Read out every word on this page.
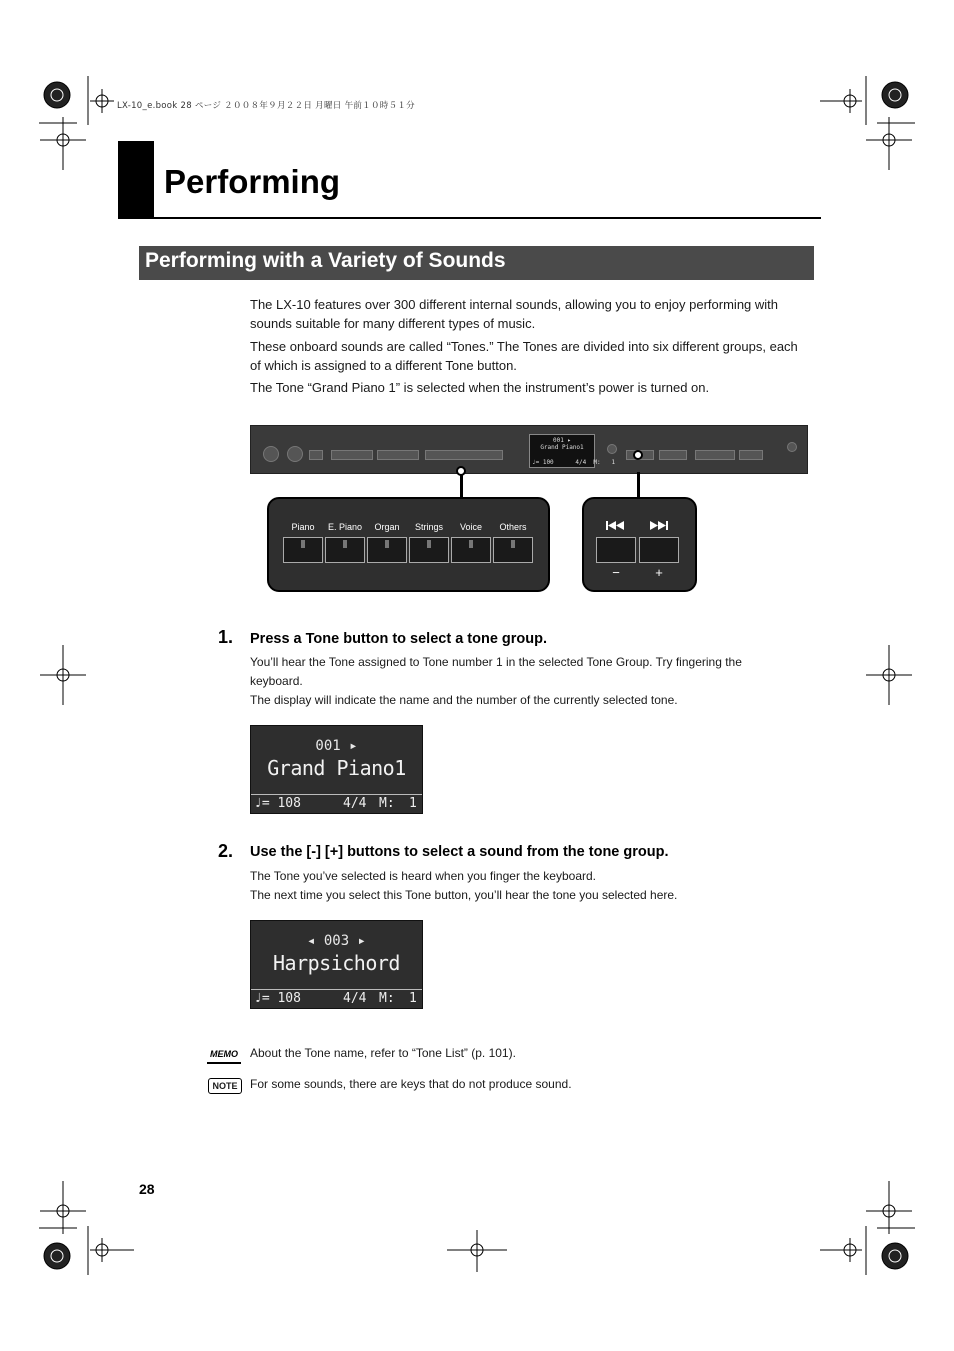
LX-10_e.book 28 ページ ２００８年９月２２日 月曜日 午前１０時５１分
Performing
Performing with a Variety of Sounds
The LX-10 features over 300 different internal sounds, allowing you to enjoy performing with sounds suitable for many different types of music.
These onboard sounds are called “Tones.” The Tones are divided into six different groups, each of which is assigned to a different Tone button.
The Tone “Grand Piano 1” is selected when the instrument’s power is turned on.
001 ▸
Grand Piano1
♩= 100      4/4  M:   1
Piano	E. Piano	Organ	Strings	Voice	Others
−	+
1. Press a Tone button to select a tone group.
You’ll hear the Tone assigned to Tone number 1 in the selected Tone Group. Try fingering the keyboard.
The display will indicate the name and the number of the currently selected tone.
001 ▸
Grand Piano1
♩= 108	4/4 M: 1
2. Use the [-] [+] buttons to select a sound from the tone group.
The Tone you’ve selected is heard when you finger the keyboard.
The next time you select this Tone button, you’ll hear the tone you selected here.
◂ 003 ▸
Harpsichord
♩= 108	4/4 M: 1
MEMO About the Tone name, refer to “Tone List” (p. 101).
NOTE	For some sounds, there are keys that do not produce sound.
28
